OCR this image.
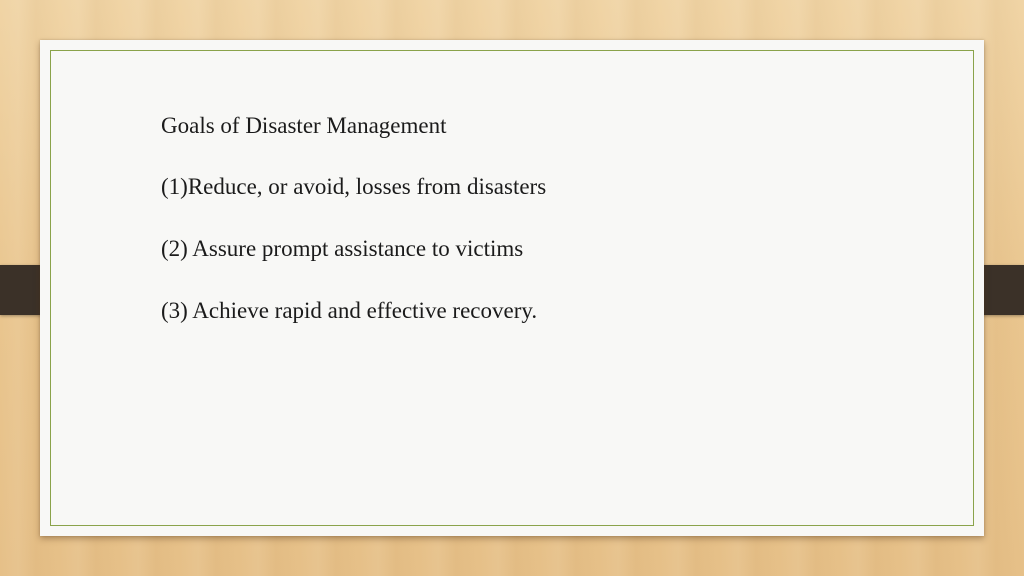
Goals of Disaster Management
(1)Reduce, or avoid, losses from disasters
(2) Assure prompt assistance to victims
(3) Achieve rapid and effective recovery.
